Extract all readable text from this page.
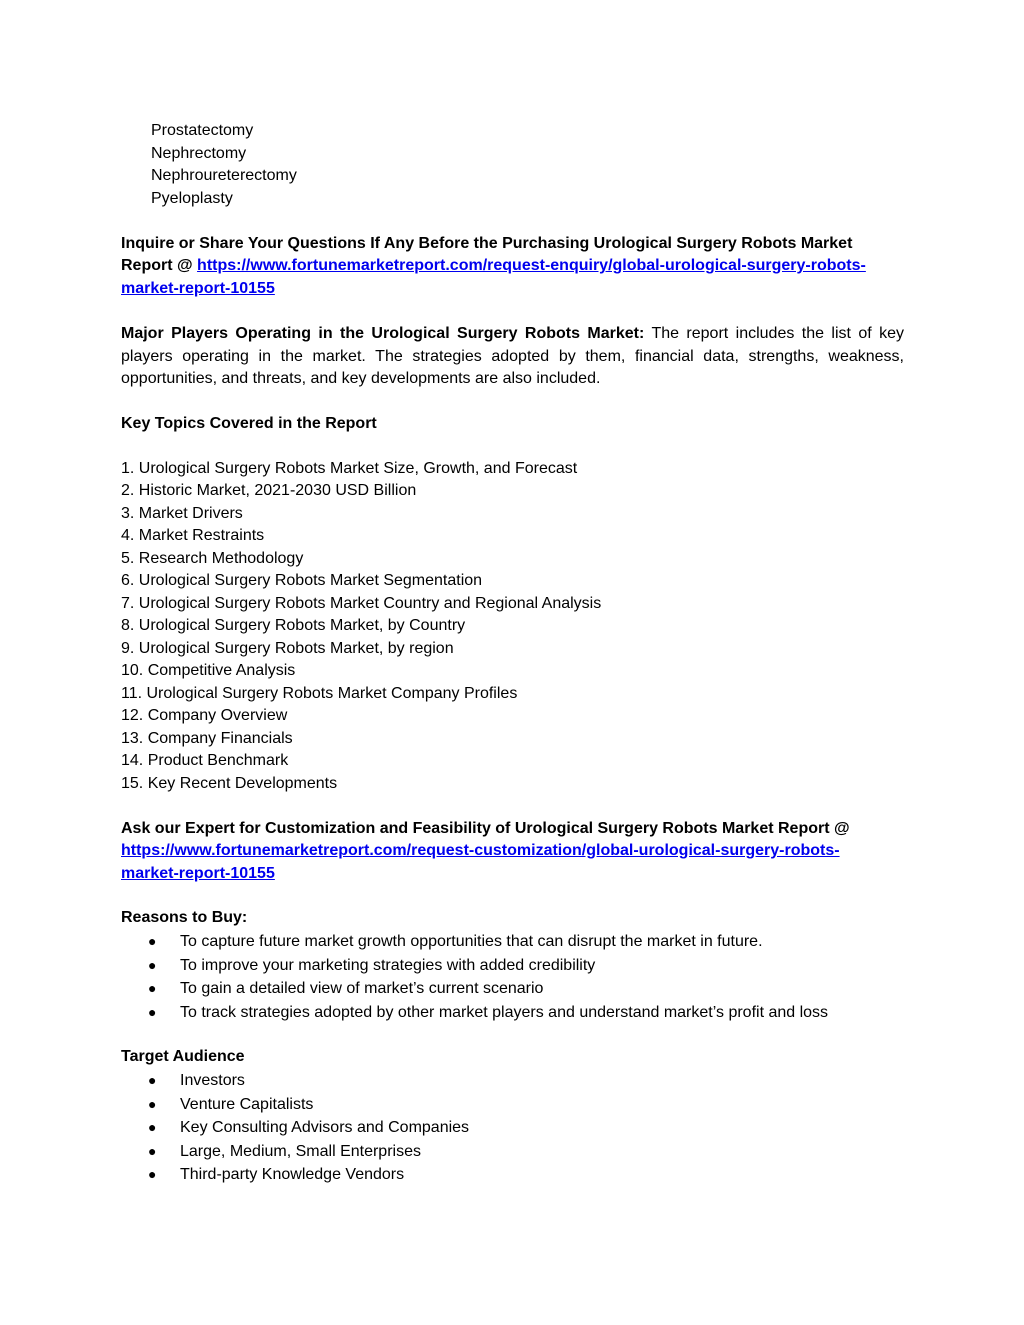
Prostatectomy
Nephrectomy
Nephroureterectomy
Pyeloplasty
Inquire or Share Your Questions If Any Before the Purchasing Urological Surgery Robots Market
Report @ https://www.fortunemarketreport.com/request-enquiry/global-urological-surgery-robots-
market-report-10155
Major Players Operating in the Urological Surgery Robots Market: The report includes the list of key players operating in the market. The strategies adopted by them, financial data, strengths, weakness, opportunities, and threats, and key developments are also included.
Key Topics Covered in the Report
1. Urological Surgery Robots Market Size, Growth, and Forecast
2. Historic Market, 2021-2030 USD Billion
3. Market Drivers
4. Market Restraints
5. Research Methodology
6. Urological Surgery Robots Market Segmentation
7. Urological Surgery Robots Market Country and Regional Analysis
8. Urological Surgery Robots Market, by Country
9. Urological Surgery Robots Market, by region
10. Competitive Analysis
11. Urological Surgery Robots Market Company Profiles
12. Company Overview
13. Company Financials
14. Product Benchmark
15. Key Recent Developments
Ask our Expert for Customization and Feasibility of Urological Surgery Robots Market Report @
https://www.fortunemarketreport.com/request-customization/global-urological-surgery-robots-
market-report-10155
Reasons to Buy:
● To capture future market growth opportunities that can disrupt the market in future.
● To improve your marketing strategies with added credibility
● To gain a detailed view of market’s current scenario
● To track strategies adopted by other market players and understand market’s profit and loss
Target Audience
● Investors
● Venture Capitalists
● Key Consulting Advisors and Companies
● Large, Medium, Small Enterprises
● Third-party Knowledge Vendors
